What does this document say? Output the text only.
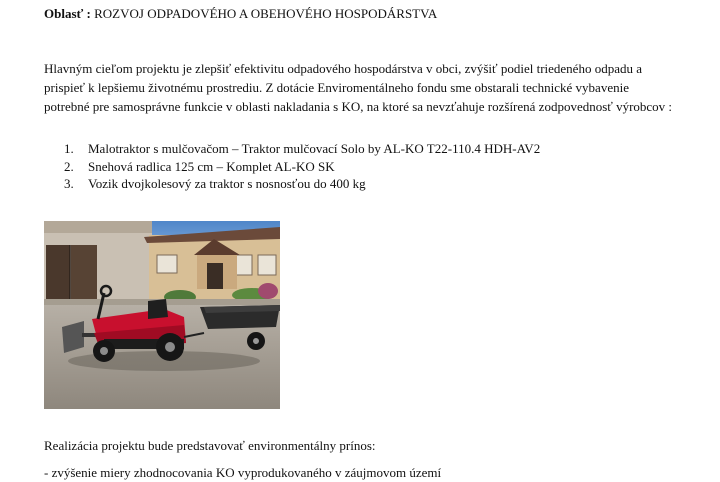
Oblasť : ROZVOJ ODPADOVÉHO A OBEHOVÉHO HOSPODÁRSTVA

Hlavným cieľom projektu je zlepšiť efektivitu odpadového hospodárstva v obci, zvýšiť podiel triedeného odpadu a prispieť k lepšiemu životnému prostrediu. Z dotácie Enviromentálneho fondu sme obstarali technické vybavenie potrebné pre samosprávne funkcie v oblasti nakladania s KO, na ktoré sa nevzťahuje rozšírená zodpovednosť výrobcov :

1.	Malotraktor s mulčovačom – Traktor mulčovací Solo by AL-KO T22-110.4 HDH-AV2
2.	Snehová radlica 125 cm – Komplet AL-KO SK
3.	Vozik dvojkolesový za traktor s nosnosťou do 400 kg
Realizácia projektu bude predstavovať environmentálny prínos:
- zvýšenie miery zhodnocovania KO vyprodukovaného v záujmovom území
